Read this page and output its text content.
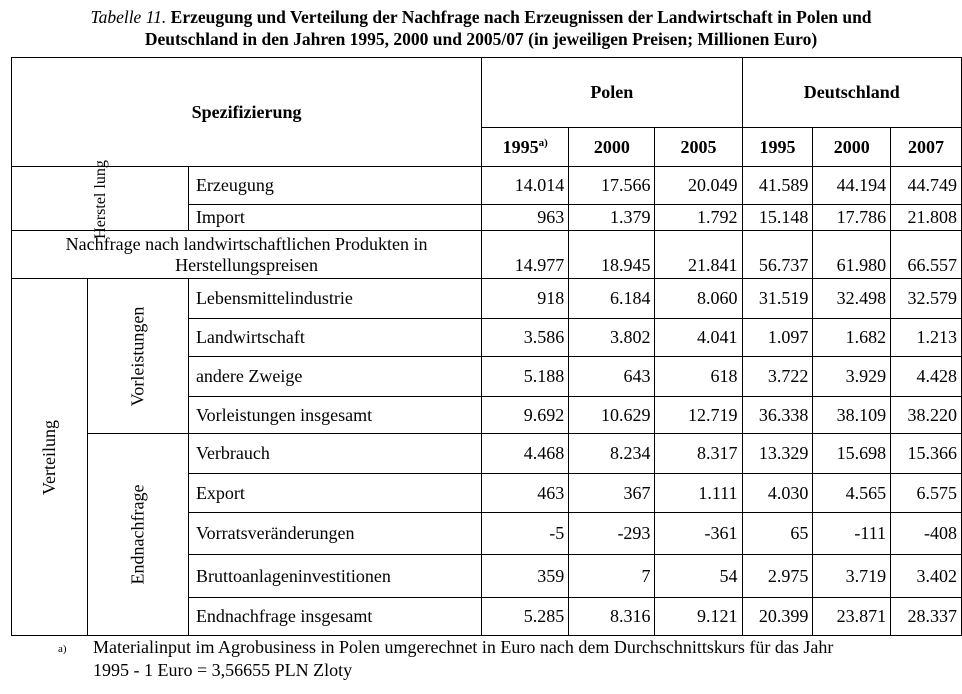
Tabelle 11. Erzeugung und Verteilung der Nachfrage nach Erzeugnissen der Landwirtschaft in Polen und
Deutschland in den Jahren 1995, 2000 und 2005/07 (in jeweiligen Preisen; Millionen Euro)
Spezifizierung			Polen			Deutschland		
			1995$^{a)}$	2000	2005	1995	2000	2007
Herstel lung		Erzeugung	14.014	17.566	20.049	41.589	44.194	44.749
		Import	963	1.379	1.792	15.148	17.786	21.808

Nachfrage nach landwirtschaftlichen Produkten in
Herstellungspreisen			14.977	18.945	21.841	56.737	61.980	66.557
Verteilung	Vorleistungen	Lebensmittelindustrie	918	6.184	8.060	31.519	32.498	32.579
		Landwirtschaft	3.586	3.802	4.041	1.097	1.682	1.213
		andere Zweige	5.188	643	618	3.722	3.929	4.428
		Vorleistungen insgesamt	9.692	10.629	12.719	36.338	38.109	38.220
	Endnachfrage	Verbrauch	4.468	8.234	8.317	13.329	15.698	15.366
		Export	463	367	1.111	4.030	4.565	6.575
		Vorratsveränderungen	-5	-293	-361	65	-111	-408
		Bruttoanlageninvestitionen	359	7	54	2.975	3.719	3.402
		Endnachfrage insgesamt	5.285	8.316	9.121	20.399	23.871	28.337
a) Materialinput im Agrobusiness in Polen umgerechnet in Euro nach dem Durchschnittskurs für das Jahr
1995 - 1 Euro = 3,56655 PLN Zloty
